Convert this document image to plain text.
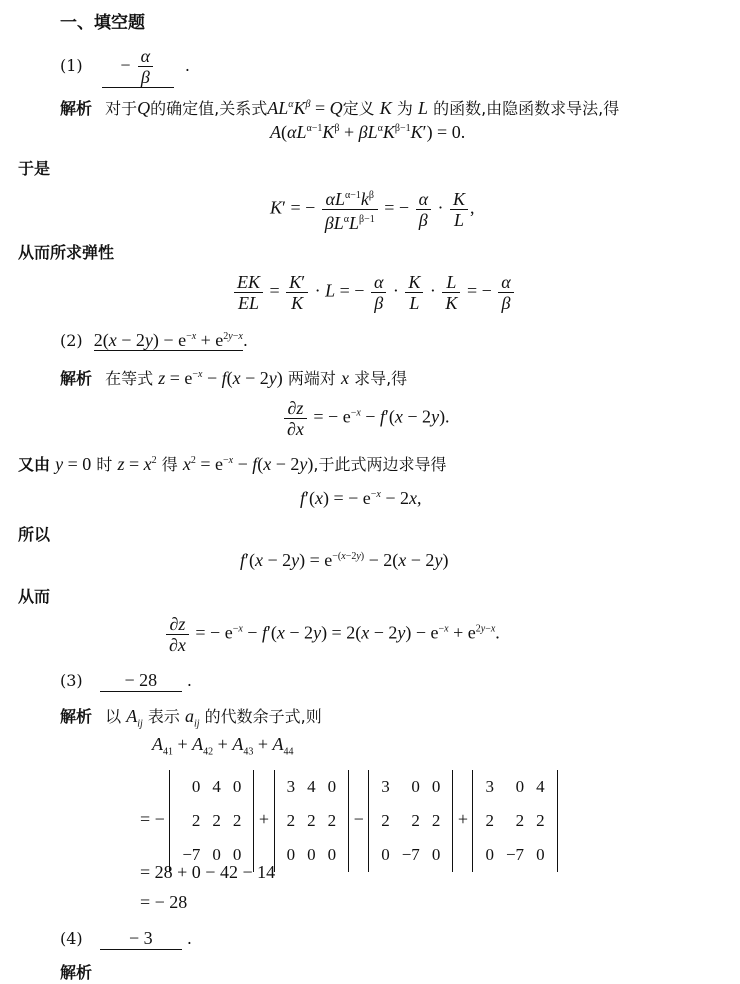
一、填空题
$(1) - \frac{\alpha}{\beta}$ .
解析 对于Q的确定值,关系式$AL^\alpha K^\beta = Q$定义 K 为 L 的函数,由隐函数求导法,得
$A(\alpha L^{\alpha-1}K^\beta + \beta L^\alpha K^{\beta-1}K') = 0$.
于是
K′ = − $\frac{\alpha L^{\alpha-1}k^\beta}{\beta L^\alpha L^{\beta-1}}$ = − $\frac{\alpha}{\beta} \cdot \frac{K}{L}$ ,
从而所求弹性
$\frac{EK}{EL} = \frac{K'}{K} \cdot L$ = − $\frac{\alpha}{\beta} \cdot \frac{K}{L} \cdot \frac{L}{K}$ = − $\frac{\alpha}{\beta}$
(2) $2(x - 2y) - e^{-x} + e^{2y-x}$.
解析 在等式 $z = e^{-x} - f(x - 2y)$ 两端对 x 求导,得
$\frac{\partial z}{\partial x}$ = − $e^{-x} - f'(x - 2y)$.
又由 y = 0 时 $z = x^2$ 得 $x^2 = e^{-x} - f(x - 2y)$,于此式两边求导得
f′(x) = − $e^{-x} - 2x$,
所以
$f'(x - 2y) = e^{-(x-2y)} - 2(x - 2y)$
从而
$\frac{\partial z}{\partial x}$ = − $e^{-x} - f'(x - 2y) = 2(x - 2y) - e^{-x} + e^{2y-x}$.
(3) − 28 .
解析 以 $A_{ij}$ 表示 $a_{ij}$ 的代数余子式,则
$A_{41} + A_{42} + A_{43} + A_{44}$
= −
0	4	0
2	2	2
−7	0	0
+
3	4	0
2	2	2
0	0	0
−
3	0	0
2	2	2
0	−7	0
+
3	0	4
2	2	2
0	−7	0
= 28 + 0 − 42 − 14
= − 28
(4)	− 3 .
解析
